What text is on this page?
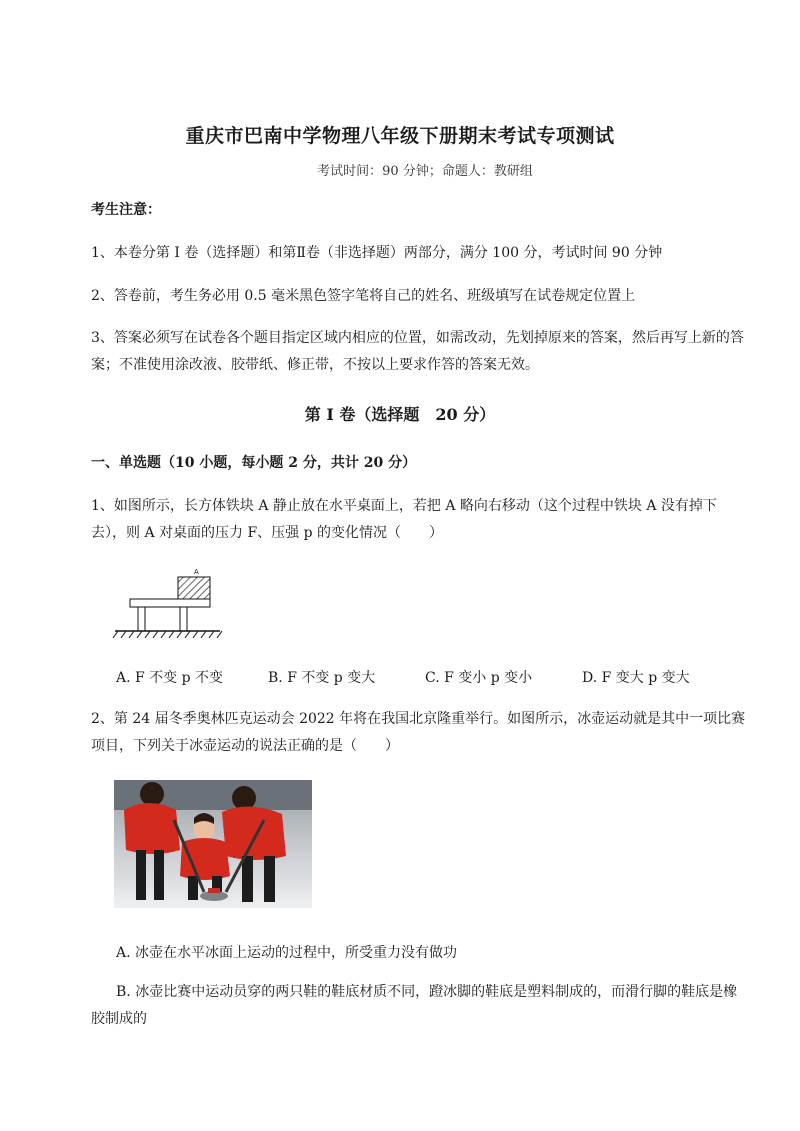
重庆市巴南中学物理八年级下册期末考试专项测试
考试时间：90 分钟；命题人：教研组
考生注意：
1、本卷分第 I 卷（选择题）和第Ⅱ卷（非选择题）两部分，满分 100 分，考试时间 90 分钟
2、答卷前，考生务必用 0.5 毫米黑色签字笔将自己的姓名、班级填写在试卷规定位置上
3、答案必须写在试卷各个题目指定区域内相应的位置，如需改动，先划掉原来的答案，然后再写上新的答案；不准使用涂改液、胶带纸、修正带，不按以上要求作答的答案无效。
第 I 卷（选择题　20 分）
一、单选题（10 小题，每小题 2 分，共计 20 分）
1、如图所示，长方体铁块 A 静止放在水平桌面上，若把 A 略向右移动（这个过程中铁块 A 没有掉下去），则 A 对桌面的压力 F、压强 p 的变化情况（　　）
A
A. F 不变 p 不变	B. F 不变 p 变大	C. F 变小 p 变小	D. F 变大 p 变大
2、第 24 届冬季奥林匹克运动会 2022 年将在我国北京隆重举行。如图所示，冰壶运动就是其中一项比赛项目，下列关于冰壶运动的说法正确的是（　　）
A. 冰壶在水平冰面上运动的过程中，所受重力没有做功
B. 冰壶比赛中运动员穿的两只鞋的鞋底材质不同，蹬冰脚的鞋底是塑料制成的，而滑行脚的鞋底是橡胶制成的
